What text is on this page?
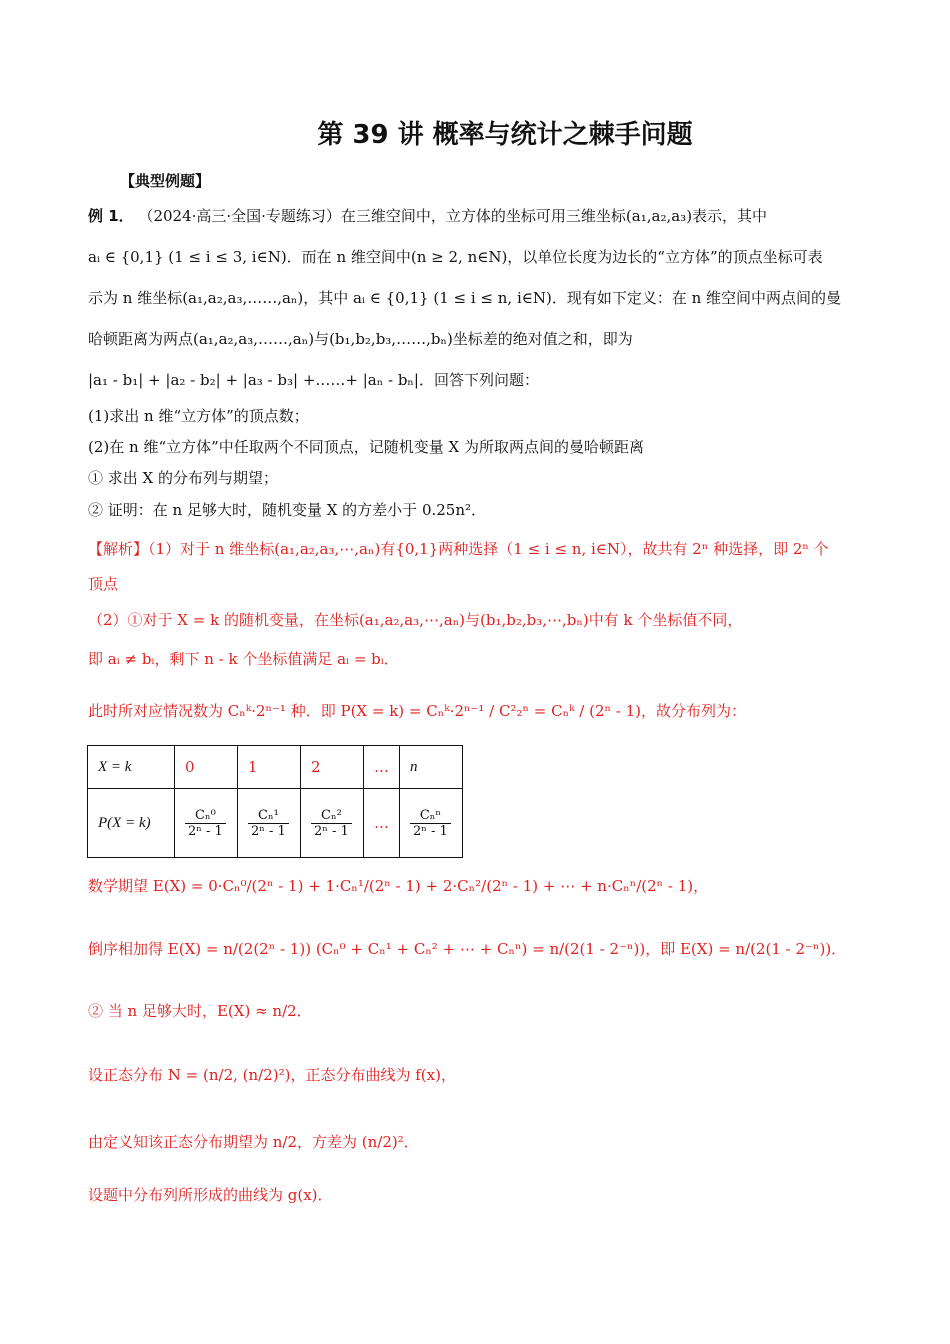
第 39 讲 概率与统计之棘手问题
【典型例题】
例 1． （2024·高三·全国·专题练习）在三维空间中，立方体的坐标可用三维坐标(a₁,a₂,a₃)表示，其中
aᵢ ∈ {0,1} (1 ≤ i ≤ 3, i∈N)．而在 n 维空间中(n ≥ 2, n∈N)，以单位长度为边长的“立方体”的顶点坐标可表
示为 n 维坐标(a₁,a₂,a₃,……,aₙ)，其中 aᵢ ∈ {0,1} (1 ≤ i ≤ n, i∈N)．现有如下定义：在 n 维空间中两点间的曼
哈顿距离为两点(a₁,a₂,a₃,……,aₙ)与(b₁,b₂,b₃,……,bₙ)坐标差的绝对值之和，即为
|a₁ - b₁| + |a₂ - b₂| + |a₃ - b₃| +……+ |aₙ - bₙ|．回答下列问题：
(1)求出 n 维“立方体”的顶点数；
(2)在 n 维“立方体”中任取两个不同顶点，记随机变量 X 为所取两点间的曼哈顿距离
① 求出 X 的分布列与期望；
② 证明：在 n 足够大时，随机变量 X 的方差小于 0.25n²．
【解析】（1）对于 n 维坐标(a₁,a₂,a₃,⋯,aₙ)有{0,1}两种选择（1 ≤ i ≤ n, i∈N），故共有 2ⁿ 种选择，即 2ⁿ 个
顶点
（2）①对于 X = k 的随机变量，在坐标(a₁,a₂,a₃,⋯,aₙ)与(b₁,b₂,b₃,⋯,bₙ)中有 k 个坐标值不同，
即 aᵢ ≠ bᵢ，剩下 n - k 个坐标值满足 aᵢ = bᵢ．
此时所对应情况数为 Cₙᵏ·2ⁿ⁻¹ 种．即 P(X = k) = Cₙᵏ·2ⁿ⁻¹ / C²₂ⁿ = Cₙᵏ / (2ⁿ - 1)，故分布列为：
X = k	0	1	2	…	n
P(X = k)	$\frac{\text{Cₙ⁰}}{\text{2ⁿ - 1}}$	$\frac{\text{Cₙ¹}}{\text{2ⁿ - 1}}$	$\frac{\text{Cₙ²}}{\text{2ⁿ - 1}}$	…	$\frac{\text{Cₙⁿ}}{\text{2ⁿ - 1}}$
数学期望 E(X) = 0·Cₙ⁰/(2ⁿ - 1) + 1·Cₙ¹/(2ⁿ - 1) + 2·Cₙ²/(2ⁿ - 1) + ⋯ + n·Cₙⁿ/(2ⁿ - 1)，
倒序相加得 E(X) = n/(2(2ⁿ - 1)) (Cₙ⁰ + Cₙ¹ + Cₙ² + ⋯ + Cₙⁿ) = n/(2(1 - 2⁻ⁿ))，即 E(X) = n/(2(1 - 2⁻ⁿ))．
② 当 n 足够大时，E(X) ≈ n/2．
设正态分布 N = (n/2, (n/2)²)，正态分布曲线为 f(x)，
由定义知该正态分布期望为 n/2，方差为 (n/2)²．
设题中分布列所形成的曲线为 g(x)．
